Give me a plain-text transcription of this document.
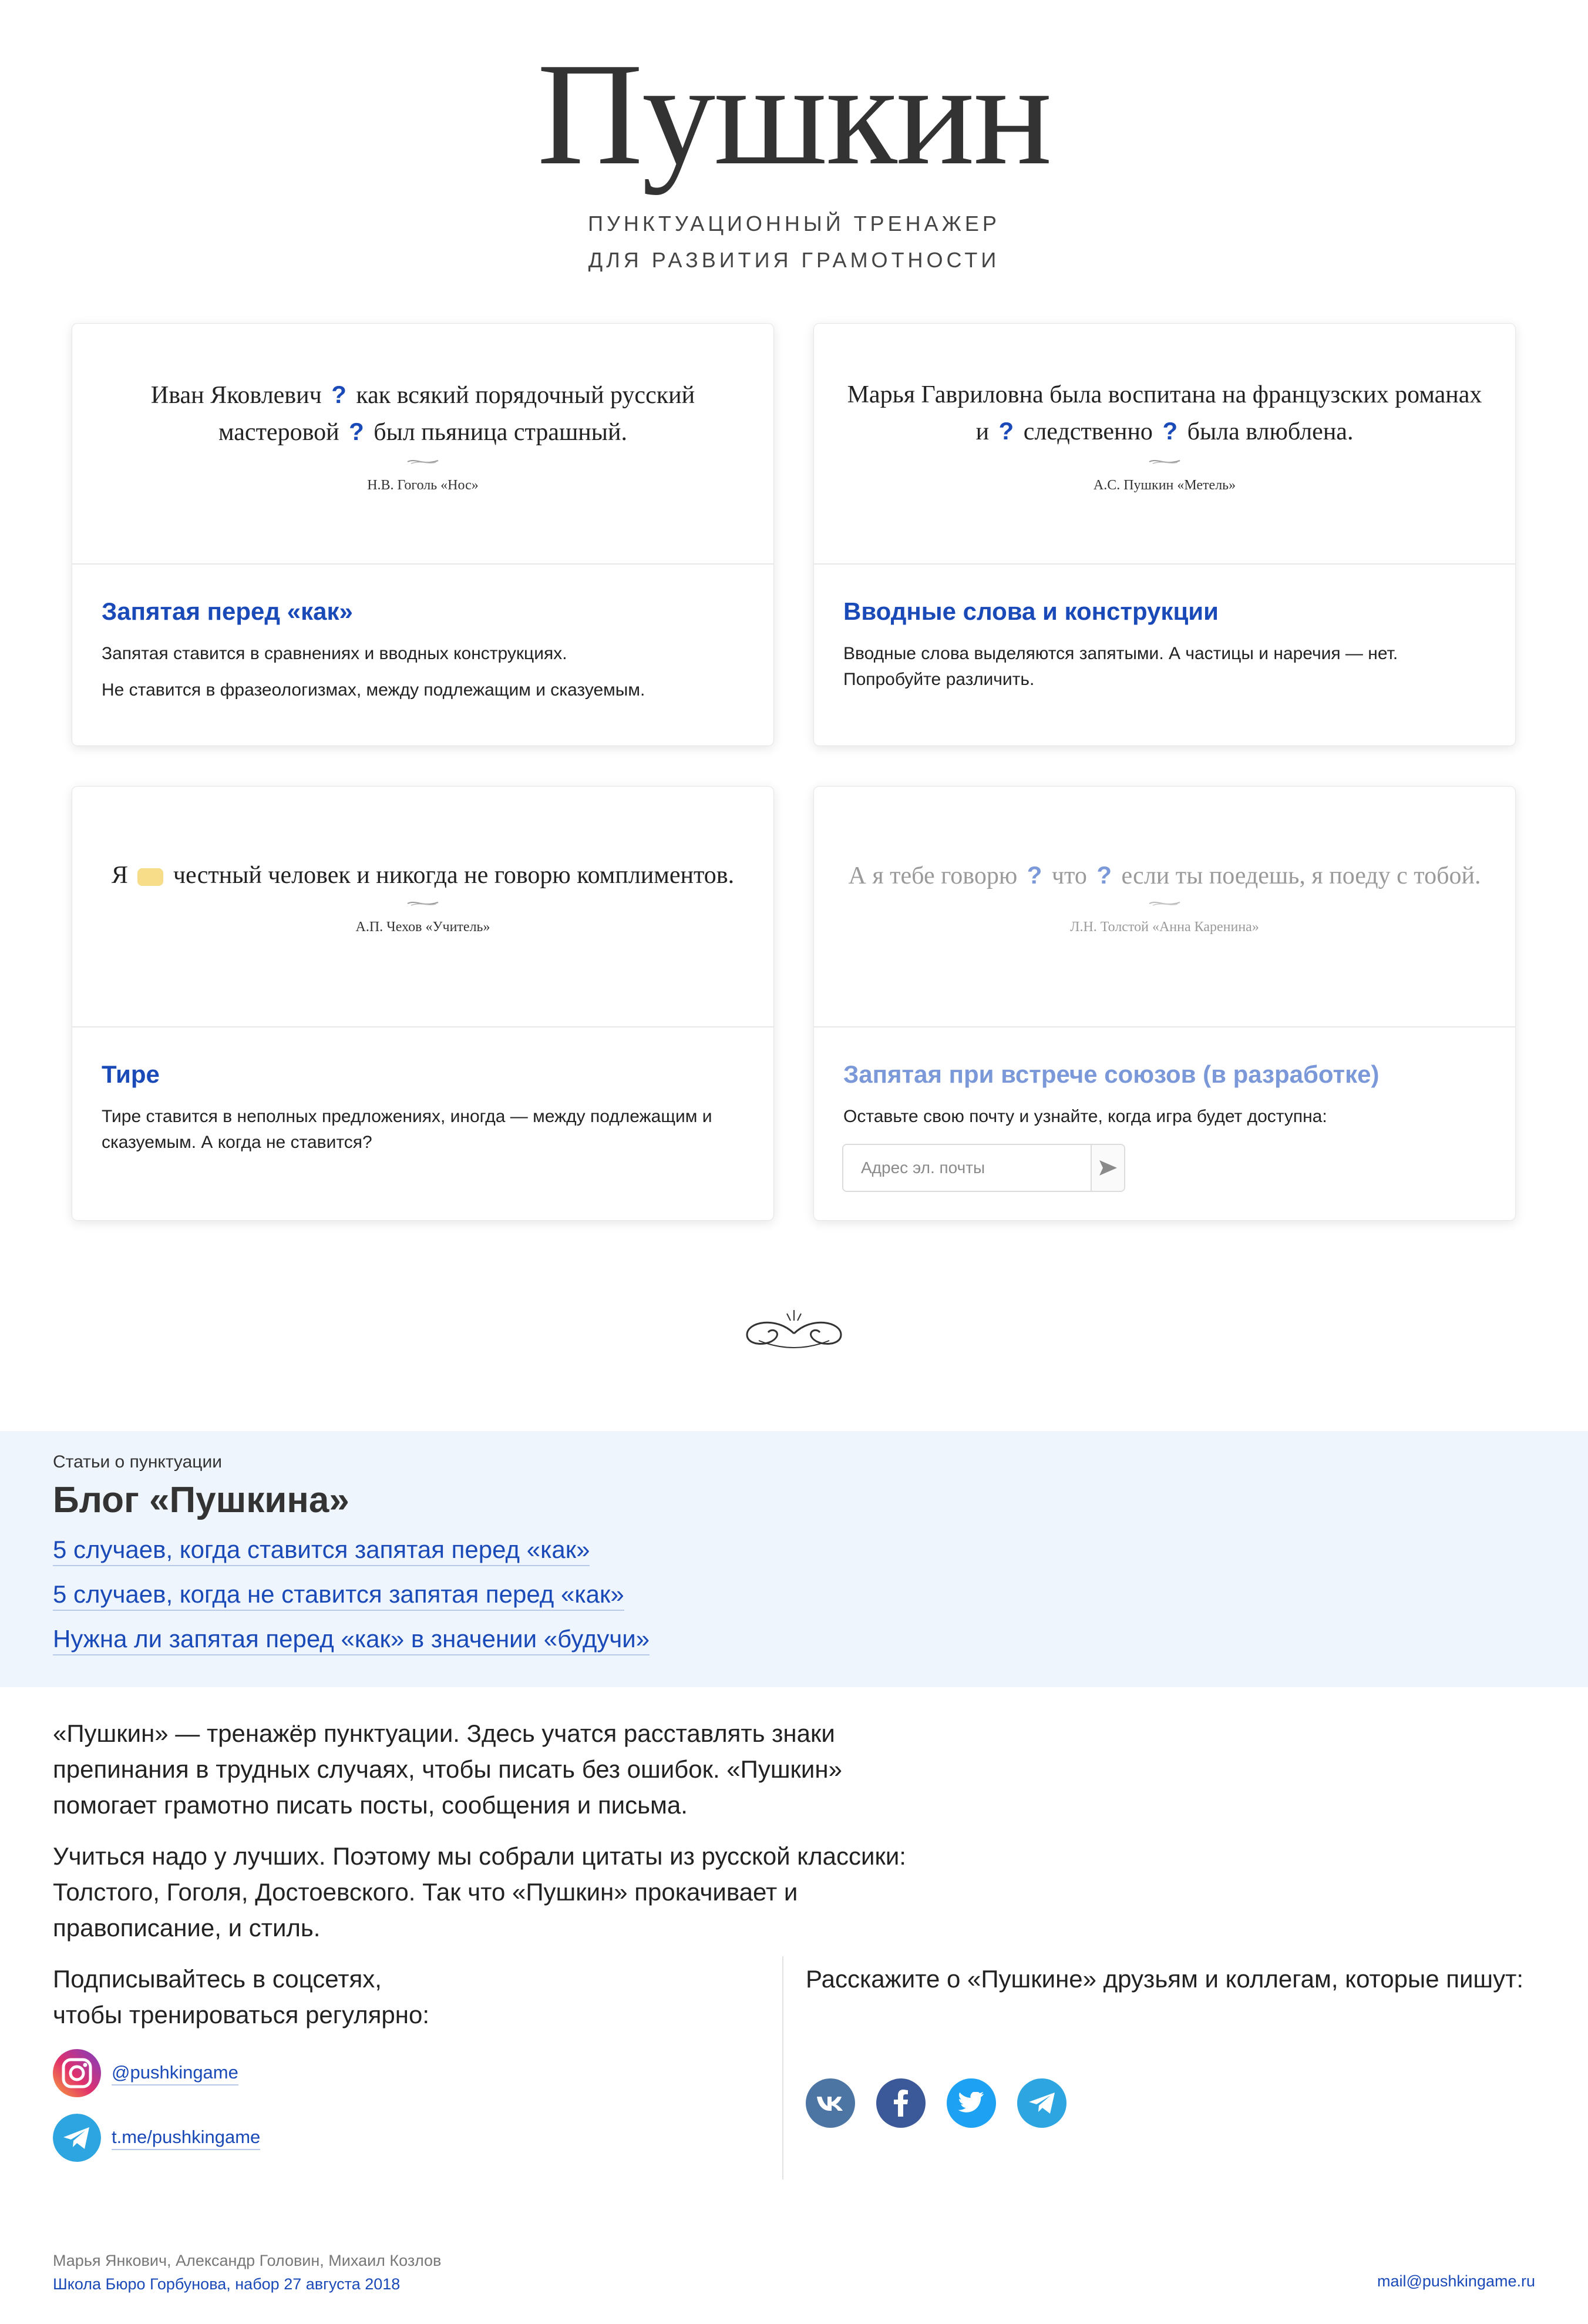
Пушкин
ПУНКТУАЦИОННЫЙ ТРЕНАЖЕР
ДЛЯ РАЗВИТИЯ ГРАМОТНОСТИ
Иван Яковлевич ? как всякий порядочный русский
мастеровой ? был пьяница страшный.
Н.В. Гоголь «Нос»
Запятая перед «как»

Запятая ставится в сравнениях и вводных конструкциях.

Не ставится в фразеологизмах, между подлежащим и сказуемым.

Марья Гавриловна была воспитана на французских романах
и ? следственно ? была влюблена.
А.С. Пушкин «Метель»
Вводные слова и конструкции

Вводные слова выделяются запятыми. А частицы и наречия — нет. Попробуйте различить.

Я честный человек и никогда не говорю комплиментов.
А.П. Чехов «Учитель»
Тире

Тире ставится в неполных предложениях, иногда — между подлежащим и сказуемым. А когда не ставится?

А я тебе говорю ? что ? если ты поедешь, я поеду с тобой.
Л.Н. Толстой «Анна Каренина»
Запятая при встрече союзов (в разработке)

Оставьте свою почту и узнайте, когда игра будет доступна:

Адрес эл. почты
Статьи о пунктуации
Блог «Пушкина»
5 случаев, когда ставится запятая перед «как»
5 случаев, когда не ставится запятая перед «как»
Нужна ли запятая перед «как» в значении «будучи»

«Пушкин» — тренажёр пунктуации. Здесь учатся расставлять знаки препинания в трудных случаях, чтобы писать без ошибок. «Пушкин» помогает грамотно писать посты, сообщения и письма.

Учиться надо у лучших. Поэтому мы собрали цитаты из русской классики: Толстого, Гоголя, Достоевского. Так что «Пушкин» прокачивает и правописание, и стиль.

Подписывайтесь в соцсетях,
чтобы тренироваться регулярно:
@pushkingame
t.me/pushkingame
Расскажите о «Пушкине» друзьям и коллегам, которые пишут:
Марья Янкович, Александр Головин, Михаил Козлов
Школа Бюро Горбунова, набор 27 августа 2018	mail@pushkingame.ru
